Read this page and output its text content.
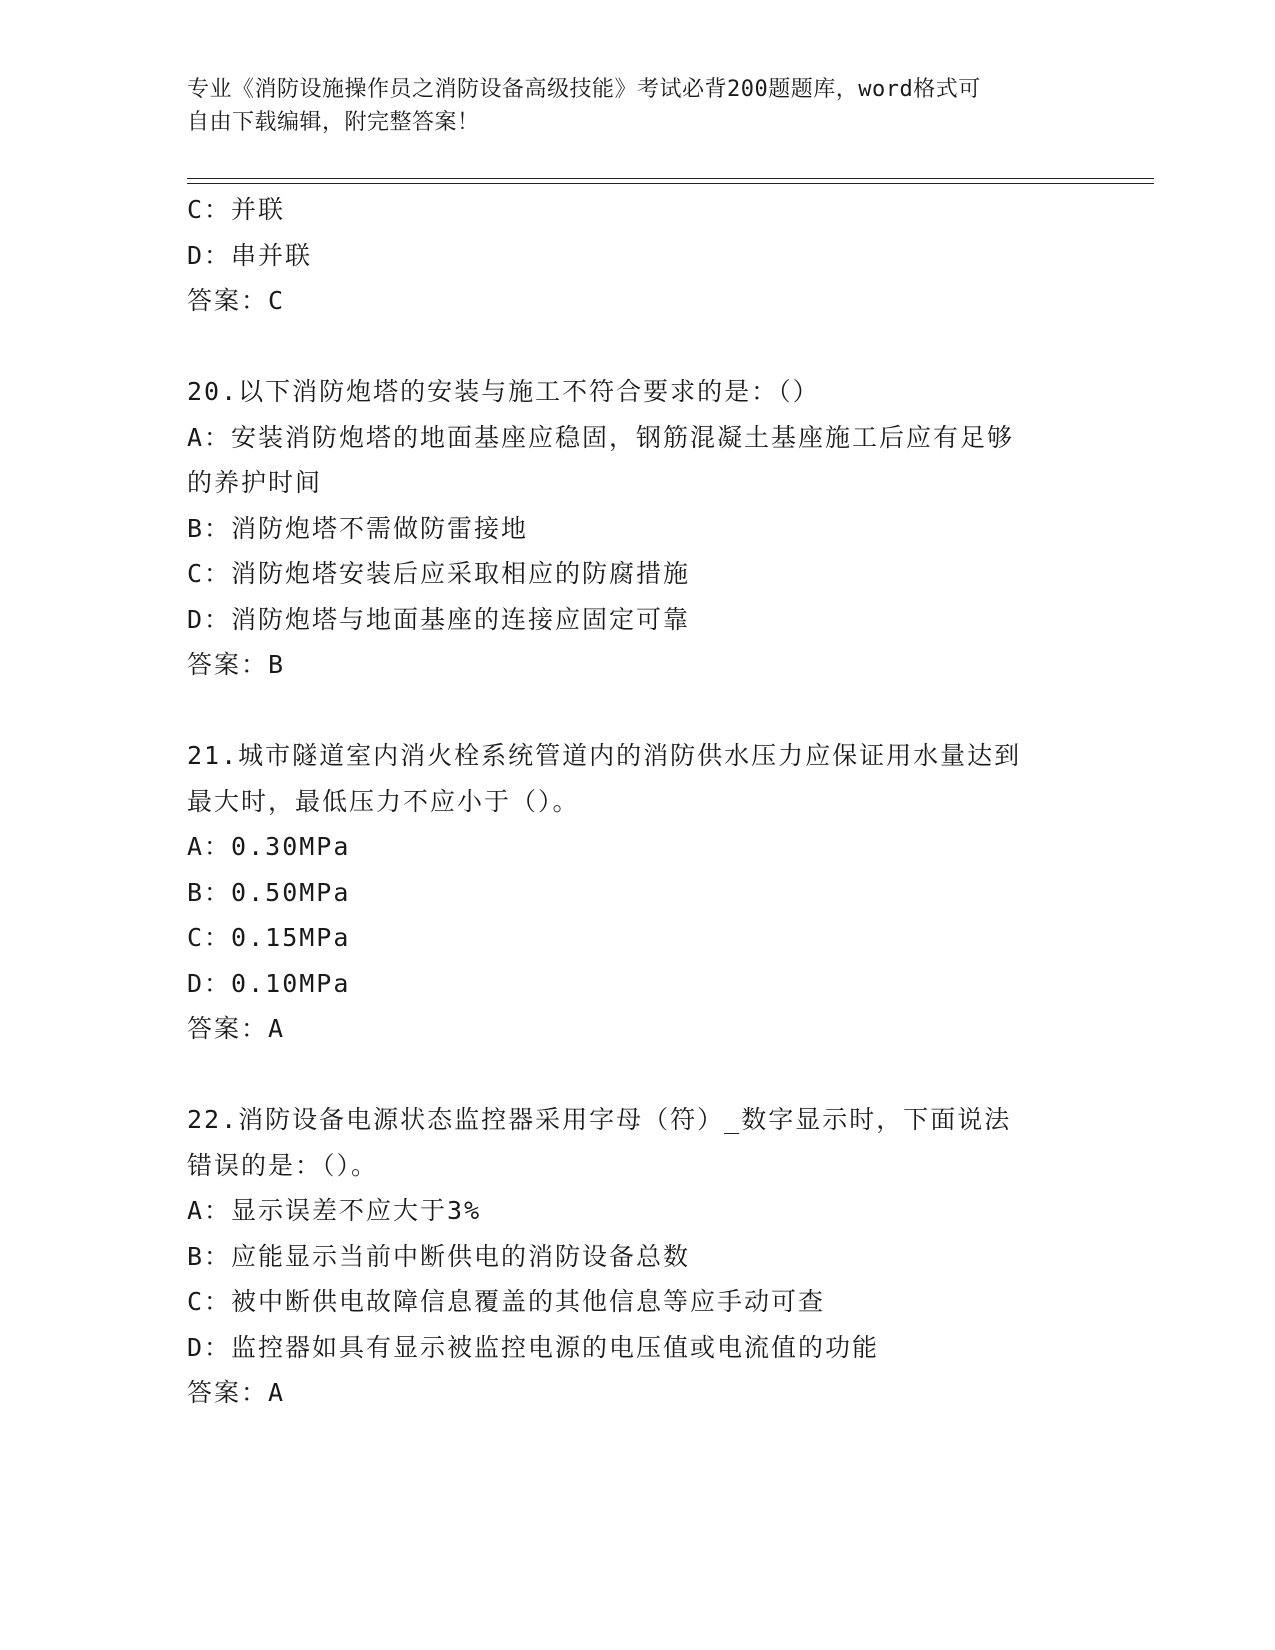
专业《消防设施操作员之消防设备高级技能》考试必背200题题库，word格式可
自由下载编辑，附完整答案！
C：并联
D：串并联
答案：C
20.以下消防炮塔的安装与施工不符合要求的是：（）
A：安装消防炮塔的地面基座应稳固，钢筋混凝土基座施工后应有足够
的养护时间
B：消防炮塔不需做防雷接地
C：消防炮塔安装后应采取相应的防腐措施
D：消防炮塔与地面基座的连接应固定可靠
答案：B
21.城市隧道室内消火栓系统管道内的消防供水压力应保证用水量达到
最大时，最低压力不应小于（）。
A：0.30MPa
B：0.50MPa
C：0.15MPa
D：0.10MPa
答案：A
22.消防设备电源状态监控器采用字母（符）_数字显示时，下面说法
错误的是：（）。
A：显示误差不应大于3%
B：应能显示当前中断供电的消防设备总数
C：被中断供电故障信息覆盖的其他信息等应手动可查
D：监控器如具有显示被监控电源的电压值或电流值的功能
答案：A
